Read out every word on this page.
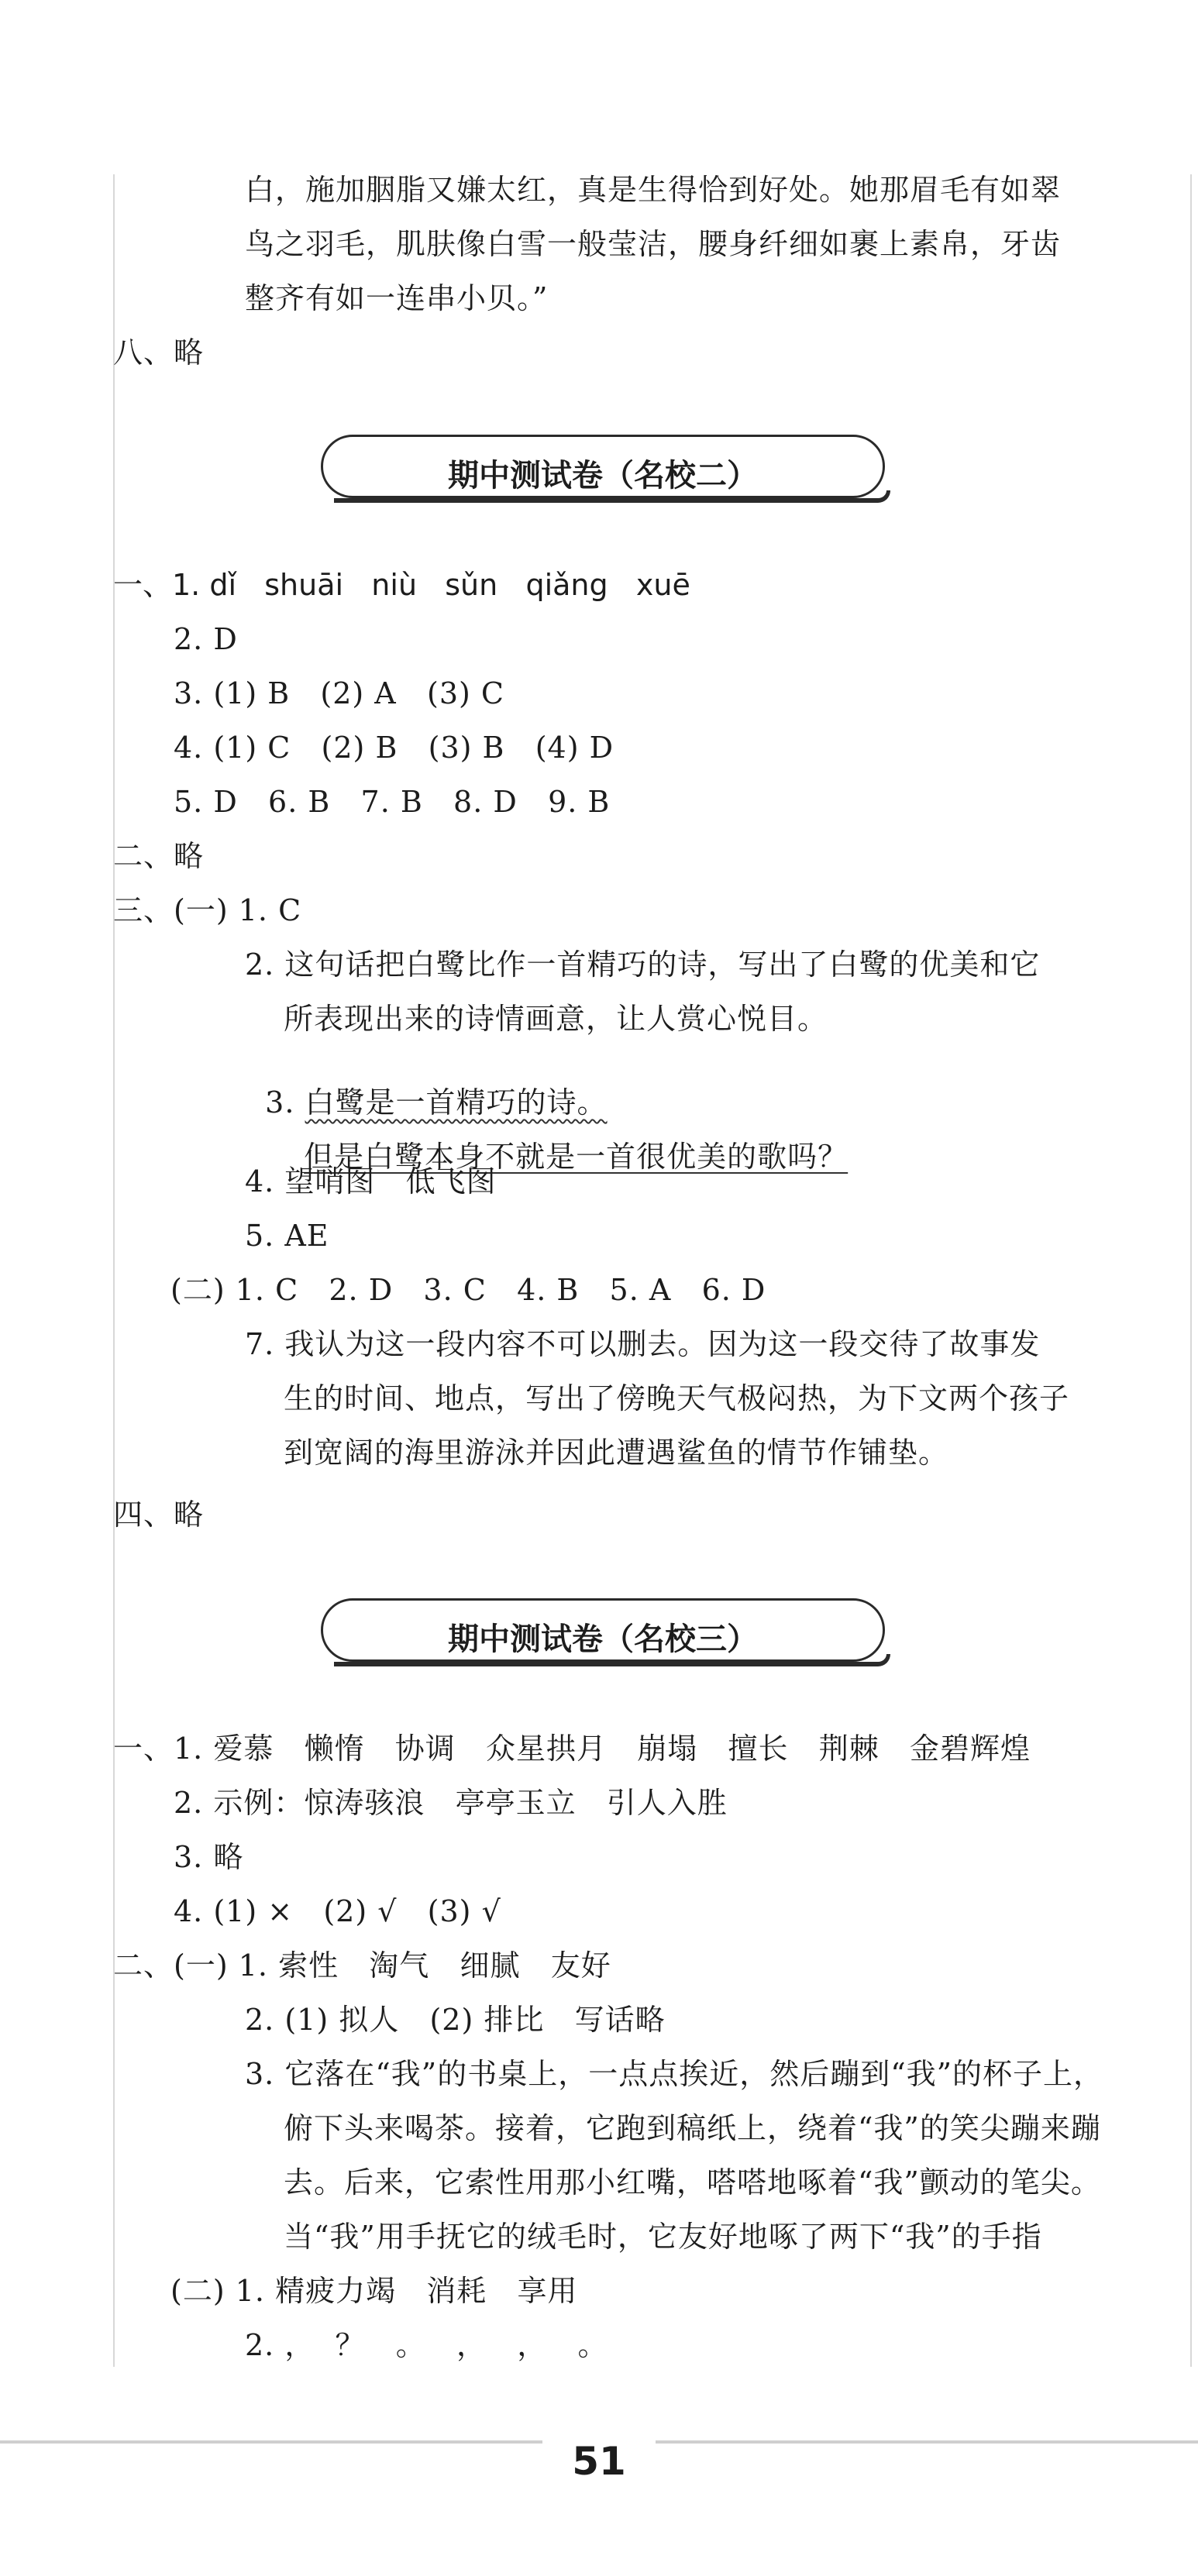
白，施加胭脂又嫌太红，真是生得恰到好处。她那眉毛有如翠
鸟之羽毛，肌肤像白雪一般莹洁，腰身纤细如裹上素帛，牙齿
整齐有如一连串小贝。”
八、略
期中测试卷（名校二）
一、1. dǐ   shuāi   niù   sǔn   qiǎng   xuē
2. D
3. (1) B   (2) A   (3) C
4. (1) C   (2) B   (3) B   (4) D
5. D   6. B   7. B   8. D   9. B
二、略
三、(一) 1. C
2. 这句话把白鹭比作一首精巧的诗，写出了白鹭的优美和它
所表现出来的诗情画意，让人赏心悦目。

3. 白鹭是一首精巧的诗。

但是白鹭本身不就是一首很优美的歌吗？

4. 望哨图   低飞图
5. AE
(二) 1. C   2. D   3. C   4. B   5. A   6. D
7. 我认为这一段内容不可以删去。因为这一段交待了故事发
生的时间、地点，写出了傍晚天气极闷热，为下文两个孩子
到宽阔的海里游泳并因此遭遇鲨鱼的情节作铺垫。
四、略
期中测试卷（名校三）
一、1. 爱慕   懒惰   协调   众星拱月   崩塌   擅长   荆棘   金碧辉煌
2. 示例：惊涛骇浪   亭亭玉立   引人入胜
3. 略
4. (1) ×   (2) √   (3) √
二、(一) 1. 索性   淘气   细腻   友好
2. (1) 拟人   (2) 排比   写话略
3. 它落在“我”的书桌上，一点点挨近，然后蹦到“我”的杯子上，
俯下头来喝茶。接着，它跑到稿纸上，绕着“我”的笑尖蹦来蹦
去。后来，它索性用那小红嘴，嗒嗒地啄着“我”颤动的笔尖。
当“我”用手抚它的绒毛时，它友好地啄了两下“我”的手指
(二) 1. 精疲力竭   消耗   享用
2. ，  ？   。   ，   ，   。
51
